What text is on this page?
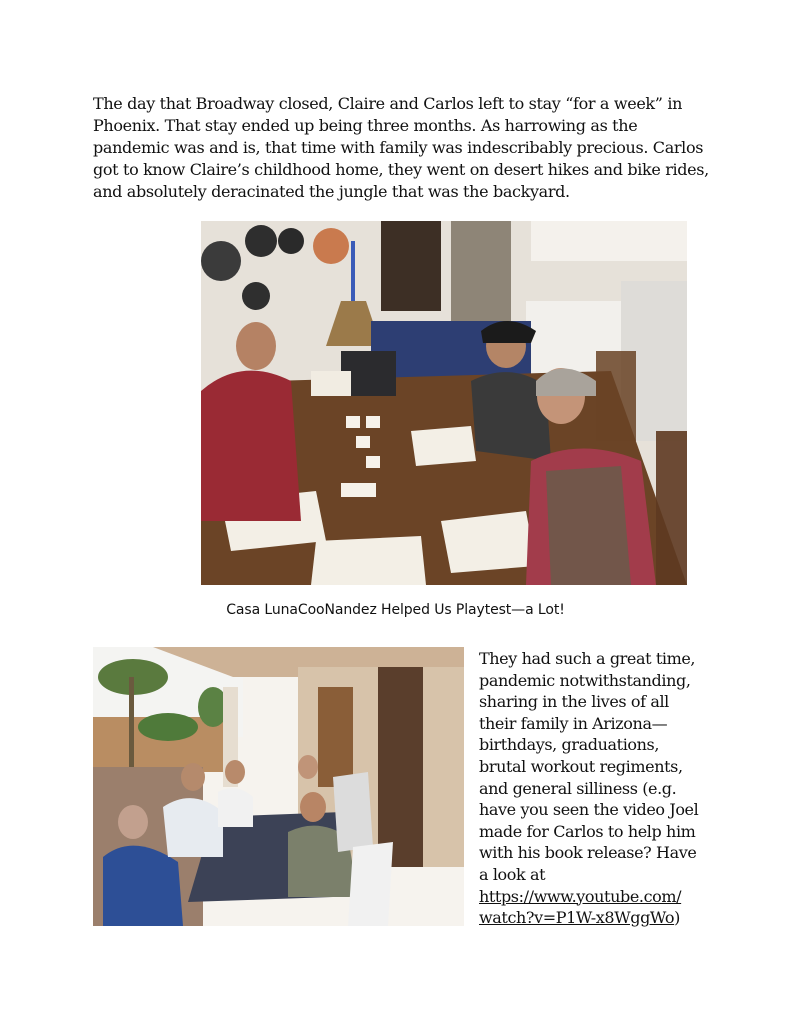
The day that Broadway closed, Claire and Carlos left to stay “for a week” in Phoenix. That stay ended up being three months. As harrowing as the pandemic was and is, that time with family was indescribably precious. Carlos got to know Claire’s childhood home, they went on desert hikes and bike rides, and absolutely deracinated the jungle that was the backyard.

Casa LunaCooNandez Helped Us Playtest—a Lot!

They had such a great time, pandemic notwithstanding, sharing in the lives of all their family in Arizona—birthdays, graduations, brutal workout regiments, and general silliness (e.g. have you seen the video Joel made for Carlos to help him with his book release? Have a look at https://www.youtube.com/
watch?v=P1W-x8WggWo)
